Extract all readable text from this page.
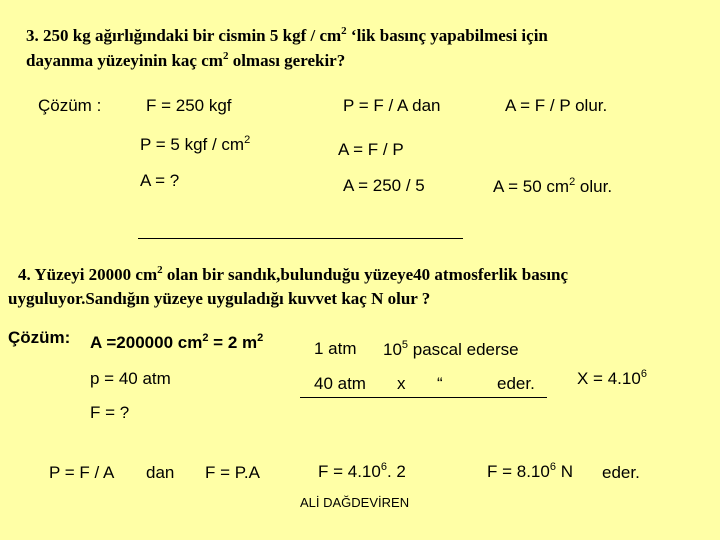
3. 250 kg ağırlığındaki bir cismin 5 kgf / $cm^2$ ‘lik basınç yapabilmesi için
dayanma yüzeyinin kaç $cm^2$ olması gerekir?
Çözüm :	F = 250 kgf	P = F / A dan	A = F / P olur.
P = 5 kgf / $cm^2$	A = F / P
A = ?	A = 250 / 5	A = 50 $cm^2$ olur.
4. Yüzeyi 20000 $cm^2$ olan bir sandık,bulunduğu yüzeye40 atmosferlik basınç
uyguluyor.Sandığın yüzeye uyguladığı kuvvet kaç N olur ?
Çözüm: A =200000 $cm^2 = 2$ $m^2$
1 atm $10^5$ pascal ederse
p = 40 atm	40 atm x “	eder. $X = 4.10^6$
F = ?
P = F / A dan F = P.A	$F = 4.10^6$. 2	$F = 8.10^6$ N eder.
ALİ DAĞDEVİREN
